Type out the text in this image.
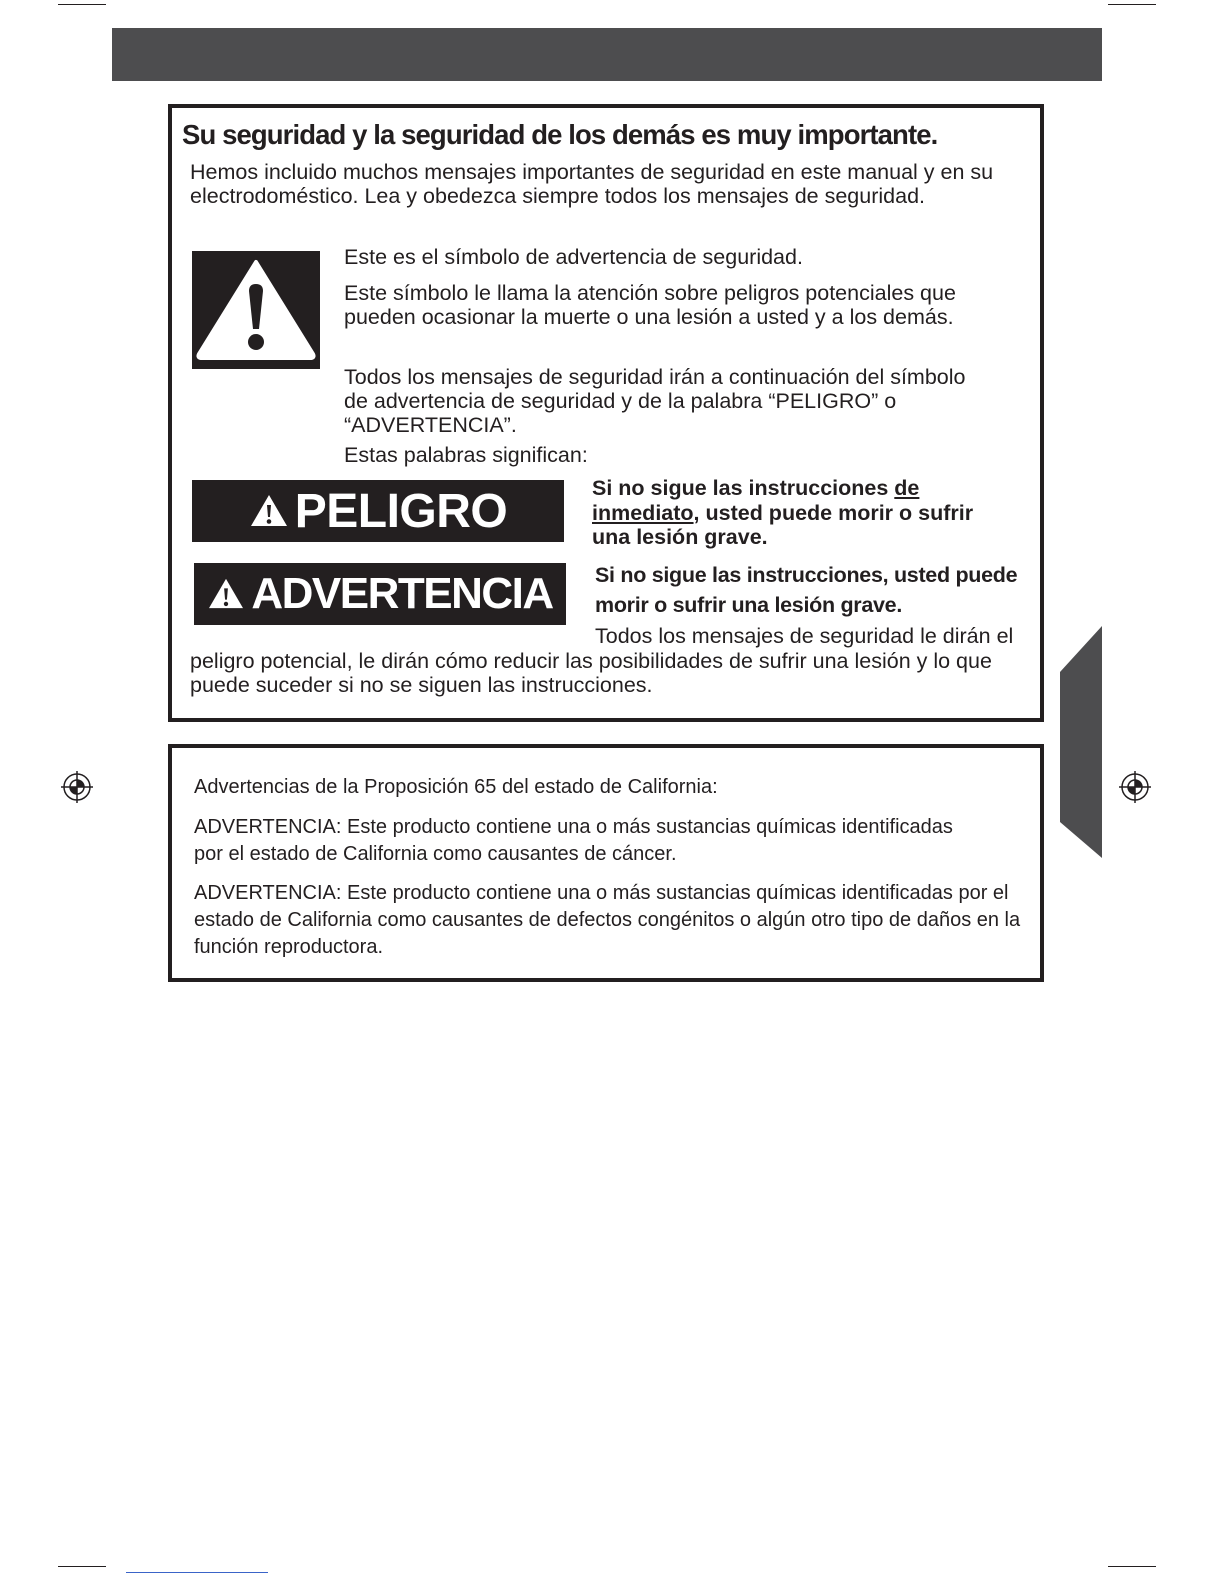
Su seguridad y la seguridad de los demás es muy importante.

Hemos incluido muchos mensajes importantes de seguridad en este manual y en su electrodoméstico. Lea y obedezca siempre todos los mensajes de seguridad.

Este es el símbolo de advertencia de seguridad.

Este símbolo le llama la atención sobre peligros potenciales que pueden ocasionar la muerte o una lesión a usted y a los demás.

Todos los mensajes de seguridad irán a continuación del símbolo de advertencia de seguridad y de la palabra “PELIGRO” o “ADVERTENCIA”.

Estas palabras significan:

PELIGRO	Si no sigue las instrucciones de inmediato, usted puede morir o sufrir una lesión grave.

ADVERTENCIA Si no sigue las instrucciones, usted puede morir o sufrir una lesión grave.

Todos los mensajes de seguridad le dirán el peligro potencial, le dirán cómo reducir las posibilidades de sufrir una lesión y lo que puede suceder si no se siguen las instrucciones.

Advertencias de la Proposición 65 del estado de California:

ADVERTENCIA: Este producto contiene una o más sustancias químicas identificadas por el estado de California como causantes de cáncer.

ADVERTENCIA: Este producto contiene una o más sustancias químicas identificadas por el estado de California como causantes de defectos congénitos o algún otro tipo de daños en la función reproductora.
